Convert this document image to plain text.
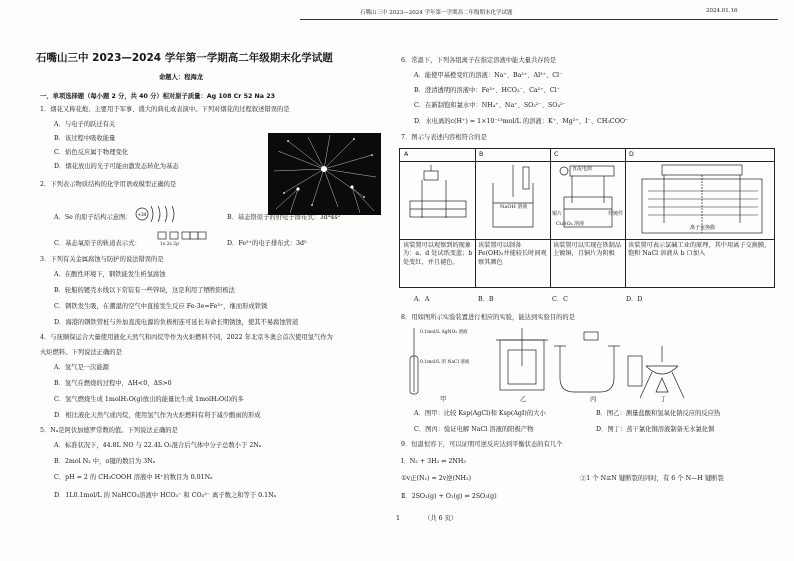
石嘴山三中 2023—2024 学年第一学期高二年级期末化学试题	2024.01.16
石嘴山三中 2023—2024 学年第一学期高二年级期末化学试题
命题人：程海龙
一、单项选择题（每小题 2 分，共 40 分）相对原子质量：Ag 108 Cr 52 Na 23
1．烟花又称花炮、主要用于军事、盛大的典礼或表演中。下列对烟花的过程叙述错误的是
A．与电子的跃迁有关
B．该过程中吸收能量
C．焰色反应属于物理变化
D．烟花放出的光子可能由激发态转化为基态
2．下列表示物质结构的化学用语或模型正确的是
A．Se 的原子结构示意图： +34	B．基态铬原子的价电子排布式：3d⁴4s²
C．基态氧原子的轨道表示式：	1s 2s 2p	D．Fe³⁺的电子排布式：3d⁵
3．下列有关金属腐蚀与防护的说法错误的是
A．在酸性环境下，钢铁能发生析氢腐蚀
B．轮船的镀壳水线以下常装有一些锌块，这是利用了牺牲阳极法
C．钢铁发生吸，在潮湿的空气中直接发生反应 Fe-3e=Fe³⁺，继而形成铁锈
D．海港的钢铁管桩与外加直流电源的负极相连可延长寿命长期锈蚀，使其不易腐蚀管道
4．与抚顺保运合大量使用液化天然气和丙烷等作为火炬燃料不同，2022 年北京冬奥会首次使用氢气作为
火炬燃料。下列说法正确的是
A．氢气是一次能源
B．氢气在燃烧的过程中，ΔH<0，ΔS>0
C．氢气燃烧生成 1molH₂O(g)放出的能量比生成 1molH₂O(l)的多
D．相比液化天然气或丙烷，使用氢气作为火炬燃料有利于减少酸雨的形成
5．Nₐ是阿伏加德罗常数的值。下列说法正确的是
A．标准状况下，44.8L NO 与 22.4L O₂混合后气体中分子总数小于 2Nₐ
B．2mol N₂ 中，σ键的数目为 3Nₐ
C．pH = 2 的 CH₃COOH 溶液中 H⁺的数目为 0.01Nₐ
D．1L0.1mol/L 的 NaHCO₃溶液中 HCO₃⁻ 和 CO₃²⁻ 离子数之和等于 0.1Nₐ
6．常温下，下列各组离子在指定溶液中能大量共存的是
A．能使甲基橙变红的溶液：Na⁺、Ba²⁺、Al³⁺、Cl⁻
B．澄清透明的溶液中：Fe³⁺、HCO₃⁻、Ca²⁺、Cl⁻
C．在新制饱和氯水中：NH₄⁺、Na⁺、SO₃²⁻、SO₄²⁻
D．水电离的c(H⁺) = 1×10⁻¹³mol/L 的溶液：K⁺、Mg²⁺、I⁻、CH₃COO⁻
7．图示与表述内容相符合的是
A	B	C	D
NaOH 溶液
直流电源
铜片	待镀件
CuSO₄ 溶液
离子交换膜
该装置可以观察到的现象为：a、d 处试纸变蓝；b 处变红，并且褪色。
该装置可以制备 Fe(OH)₂并能较长时间观察其颜色
该装置可以实现在铁制品上镀铜，且铜片为阴极
该装置可表示氯碱工业的原理，其中用离子交换膜，饱和 NaCl 溶液从 b 口加入
A．A	B．B	C．C	D．D
8．用如图所示实验装置进行相应的实验，能达到实验目的的是
0.1mol/L AgNO₃ 溶液
0.1mol/L 的 NaCl 溶液
甲	乙	丙	丁
A．图甲：比较 Ksp(AgCl)和 Ksp(AgI)的大小	B．图乙：测量盐酸和氢氧化钠反应的反应热
C．图丙：验证电解 NaCl 溶液的阳极产物	D．图丁：蒸干氯化铜溶液制备无水氯化铜
9．恒温恒容下，可以证明可逆反应达到平衡状态的有几个
Ⅰ．N₂ + 3H₂ ⇌ 2NH₃
①v正(N₂) = 2v逆(NH₃)	②1 个 N≡N 键断裂的同时，有 6 个 N—H 键断裂
Ⅱ．2SO₂(g) + O₂(g) ⇌ 2SO₃(g)
1	（共 6 页）
